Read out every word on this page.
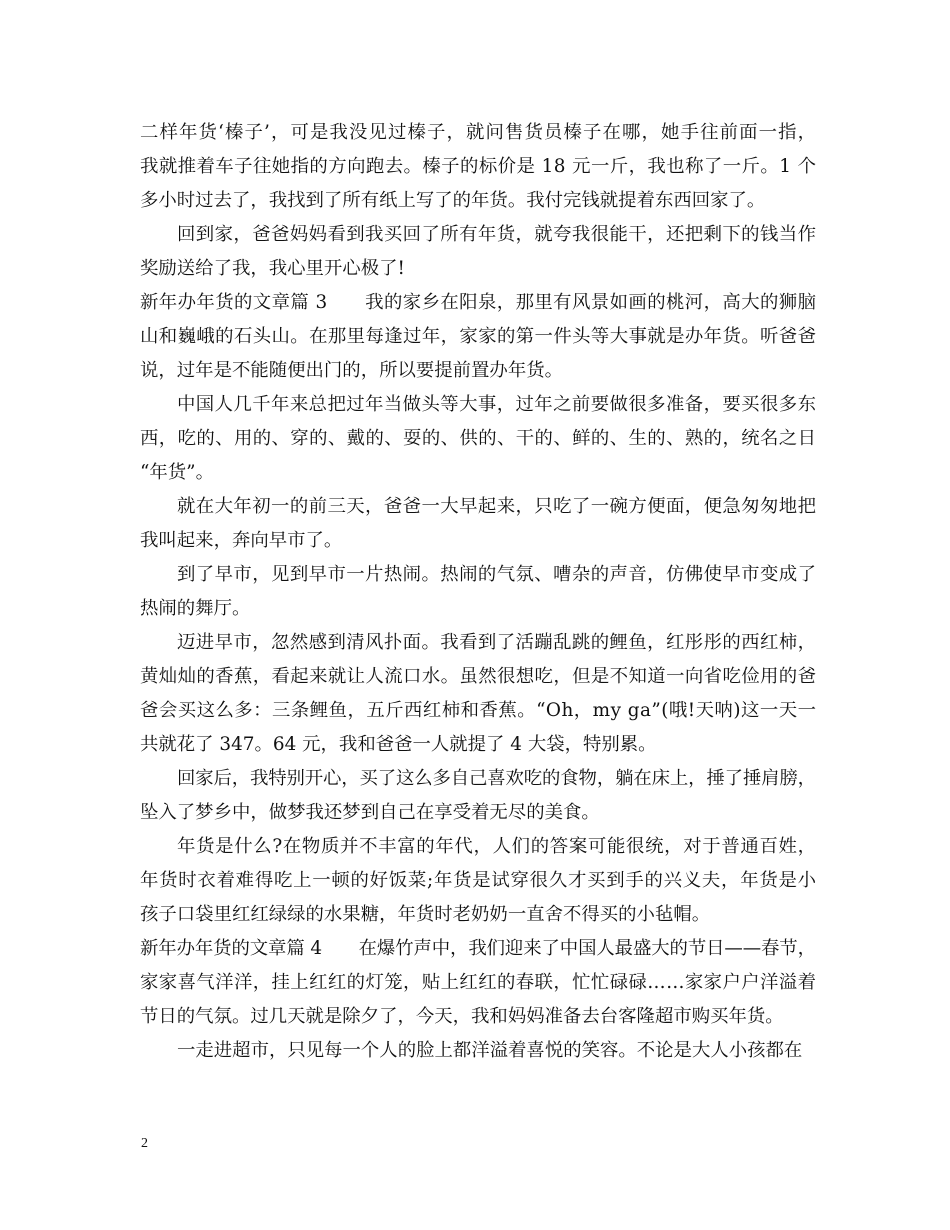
二样年货‘榛子’，可是我没见过榛子，就问售货员榛子在哪，她手往前面一指，
我就推着车子往她指的方向跑去。榛子的标价是 18 元一斤，我也称了一斤。1 个
多小时过去了，我找到了所有纸上写了的年货。我付完钱就提着东西回家了。
回到家，爸爸妈妈看到我买回了所有年货，就夸我很能干，还把剩下的钱当作
奖励送给了我，我心里开心极了!
新年办年货的文章篇 3　　我的家乡在阳泉，那里有风景如画的桃河，高大的狮脑
山和巍峨的石头山。在那里每逢过年，家家的第一件头等大事就是办年货。听爸爸
说，过年是不能随便出门的，所以要提前置办年货。
中国人几千年来总把过年当做头等大事，过年之前要做很多准备，要买很多东
西，吃的、用的、穿的、戴的、耍的、供的、干的、鲜的、生的、熟的，统名之日
“年货”。
就在大年初一的前三天，爸爸一大早起来，只吃了一碗方便面，便急匆匆地把
我叫起来，奔向早市了。
到了早市，见到早市一片热闹。热闹的气氛、嘈杂的声音，仿佛使早市变成了
热闹的舞厅。
迈进早市，忽然感到清风扑面。我看到了活蹦乱跳的鲤鱼，红彤彤的西红柿，
黄灿灿的香蕉，看起来就让人流口水。虽然很想吃，但是不知道一向省吃俭用的爸
爸会买这么多：三条鲤鱼，五斤西红柿和香蕉。“Oh，my ga”(哦!天呐)这一天一
共就花了 347。64 元，我和爸爸一人就提了 4 大袋，特别累。
回家后，我特别开心，买了这么多自己喜欢吃的食物，躺在床上，捶了捶肩膀，
坠入了梦乡中，做梦我还梦到自己在享受着无尽的美食。
年货是什么?在物质并不丰富的年代，人们的答案可能很统，对于普通百姓，
年货时衣着难得吃上一顿的好饭菜;年货是试穿很久才买到手的兴义夫，年货是小
孩子口袋里红红绿绿的水果糖，年货时老奶奶一直舍不得买的小毡帽。
新年办年货的文章篇 4　　在爆竹声中，我们迎来了中国人最盛大的节日——春节，
家家喜气洋洋，挂上红红的灯笼，贴上红红的春联，忙忙碌碌……家家户户洋溢着
节日的气氛。过几天就是除夕了，今天，我和妈妈准备去台客隆超市购买年货。
一走进超市，只见每一个人的脸上都洋溢着喜悦的笑容。不论是大人小孩都在
2
